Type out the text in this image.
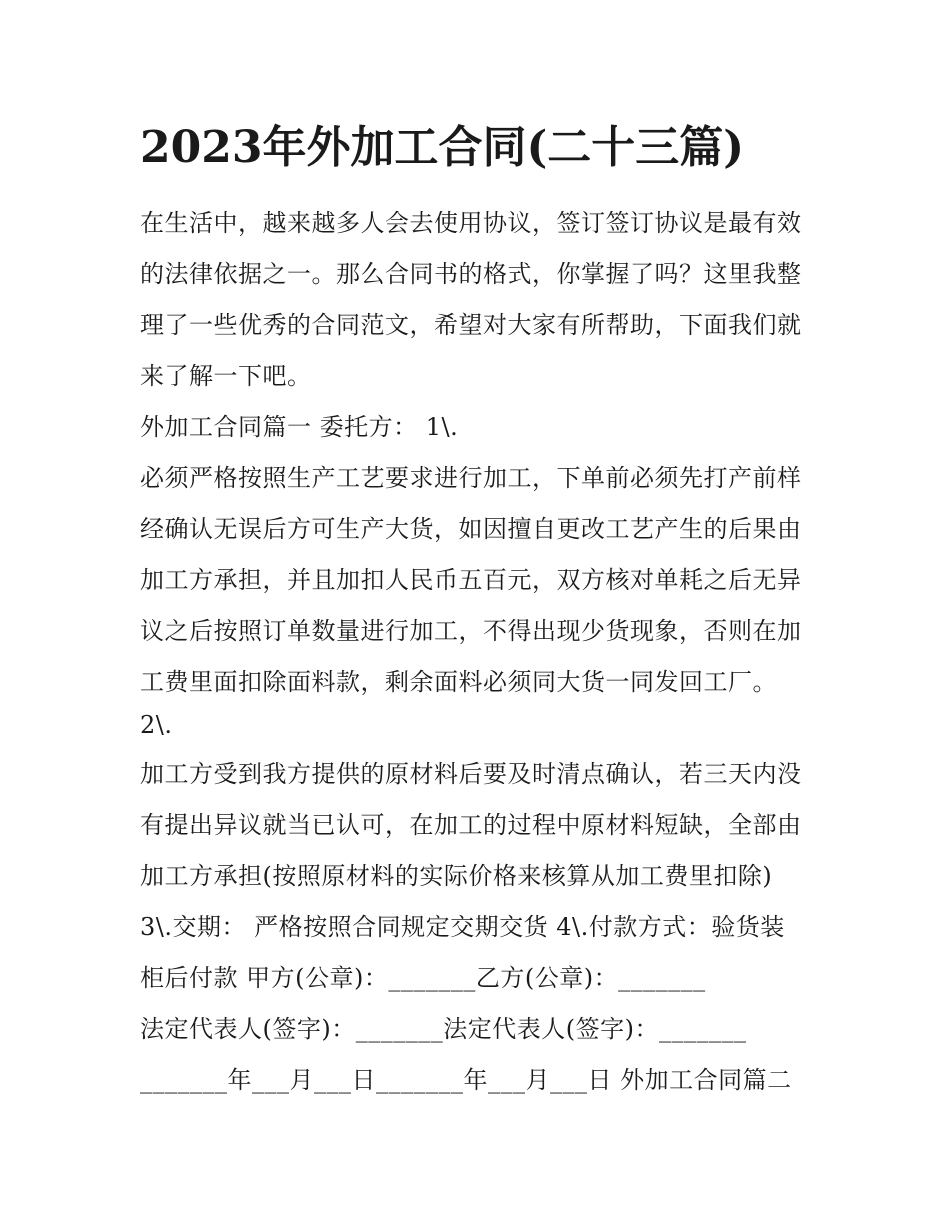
2023年外加工合同(二十三篇)

在生活中，越来越多人会去使用协议，签订签订协议是最有效

的法律依据之一。那么合同书的格式，你掌握了吗？这里我整

理了一些优秀的合同范文，希望对大家有所帮助，下面我们就

来了解一下吧。

外加工合同篇一 委托方： 1\.

必须严格按照生产工艺要求进行加工，下单前必须先打产前样

经确认无误后方可生产大货，如因擅自更改工艺产生的后果由

加工方承担，并且加扣人民币五百元，双方核对单耗之后无异

议之后按照订单数量进行加工，不得出现少货现象，否则在加

工费里面扣除面料款，剩余面料必须同大货一同发回工厂。

2\.

加工方受到我方提供的原材料后要及时清点确认，若三天内没

有提出异议就当已认可，在加工的过程中原材料短缺，全部由

加工方承担(按照原材料的实际价格来核算从加工费里扣除)

3\.交期： 严格按照合同规定交期交货 4\.付款方式：验货装

柜后付款 甲方(公章)：_______乙方(公章)：_______

法定代表人(签字)：_______法定代表人(签字)：_______

_______年___月___日_______年___月___日 外加工合同篇二
